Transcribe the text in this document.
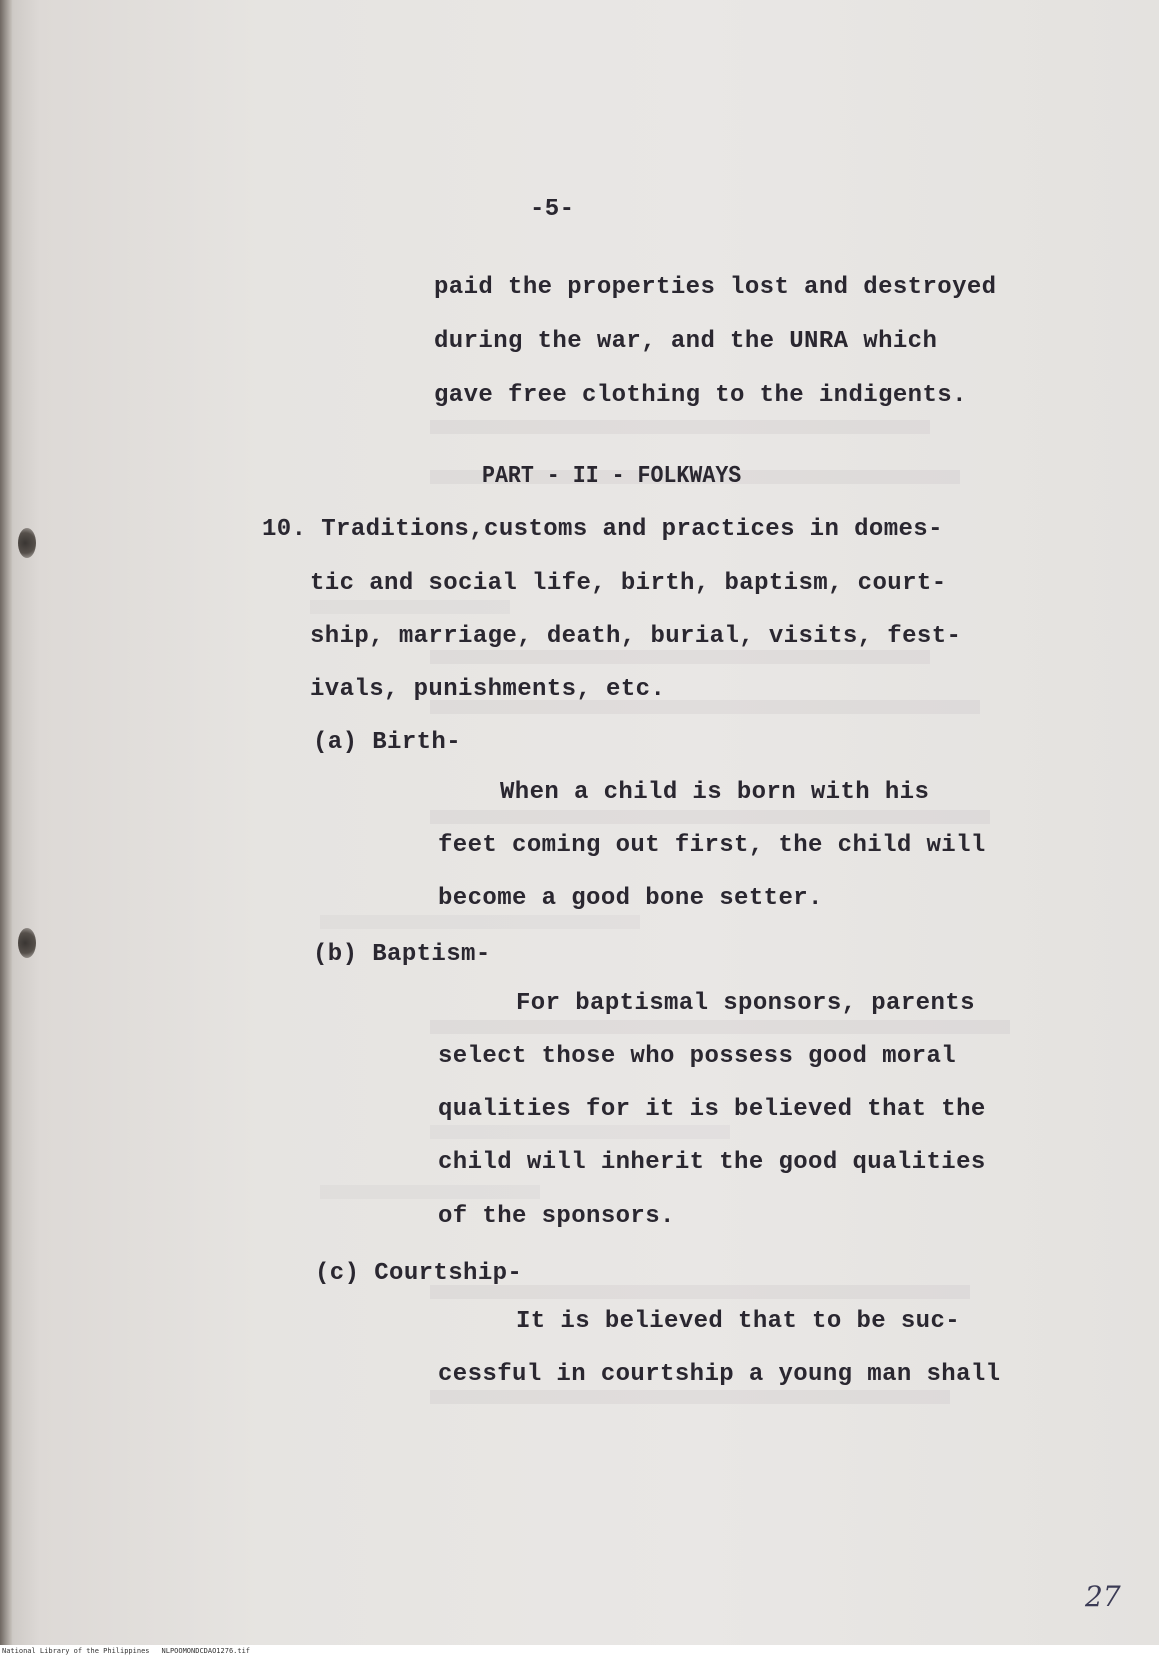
-5-
paid the properties lost and destroyed
during the war, and the UNRA which
gave free clothing to the indigents.
PART - II - FOLKWAYS
10. Traditions,customs and practices in domes-
tic and social life, birth, baptism, court-
ship, marriage, death, burial, visits, fest-
ivals, punishments, etc.
(a) Birth-
When a child is born with his
feet coming out first, the child will
become a good bone setter.
(b) Baptism-
For baptismal sponsors, parents
select those who possess good moral
qualities for it is believed that the
child will inherit the good qualities
of the sponsors.
(c) Courtship-
It is believed that to be suc-
cessful in courtship a young man shall
27
National Library of the Philippines NLPOOMONDCDAO1276.tif
